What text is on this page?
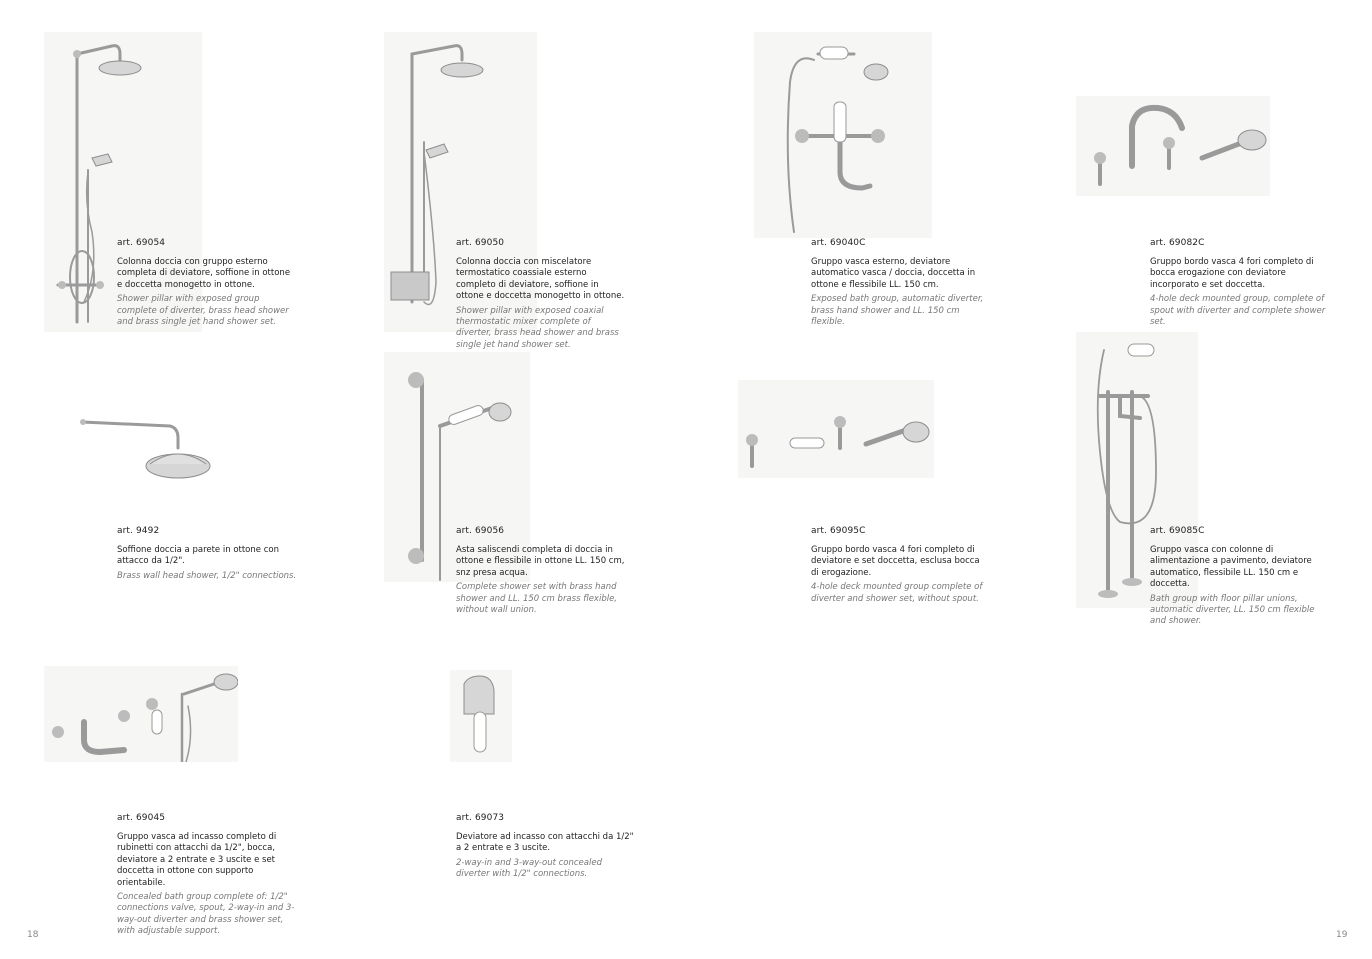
art. 69054

Colonna doccia con gruppo esterno completa di deviatore, soffione in ottone e doccetta monogetto in ottone.

Shower pillar with exposed group complete of diverter, brass head shower and brass single jet hand shower set.

art. 69050

Colonna doccia con miscelatore termostatico coassiale esterno completo di deviatore, soffione in ottone e doccetta monogetto in ottone.

Shower pillar with exposed coaxial thermostatic mixer complete of diverter, brass head shower and brass single jet hand shower set.

art. 69040C

Gruppo vasca esterno, deviatore automatico vasca / doccia, doccetta in ottone e flessibile LL. 150 cm.

Exposed bath group, automatic diverter, brass hand shower and LL. 150 cm flexible.

art. 69082C

Gruppo bordo vasca 4 fori completo di bocca erogazione con deviatore incorporato e set doccetta.

4-hole deck mounted group, complete of spout with diverter and complete shower set.

art. 9492

Soffione doccia a parete in ottone con attacco da 1/2".

Brass wall head shower, 1/2" connections.

art. 69056

Asta saliscendi completa di doccia in ottone e flessibile in ottone LL. 150 cm, snz presa acqua.

Complete shower set with brass hand shower and LL. 150 cm brass flexible, without wall union.

art. 69095C

Gruppo bordo vasca 4 fori completo di deviatore e set doccetta, esclusa bocca di erogazione.

4-hole deck mounted group complete of diverter and shower set, without spout.

art. 69085C

Gruppo vasca con colonne di alimentazione a pavimento, deviatore automatico, flessibile LL. 150 cm e doccetta.

Bath group with floor pillar unions, automatic diverter, LL. 150 cm flexible and shower.

art. 69045

Gruppo vasca ad incasso completo di rubinetti con attacchi da 1/2", bocca, deviatore a 2 entrate e 3 uscite e set doccetta in ottone con supporto orientabile.

Concealed bath group complete of: 1/2" connections valve, spout, 2-way-in and 3-way-out diverter and brass shower set, with adjustable support.

art. 69073

Deviatore ad incasso con attacchi da 1/2" a 2 entrate e 3 uscite.

2-way-in and 3-way-out concealed diverter with 1/2" connections.

18	19
